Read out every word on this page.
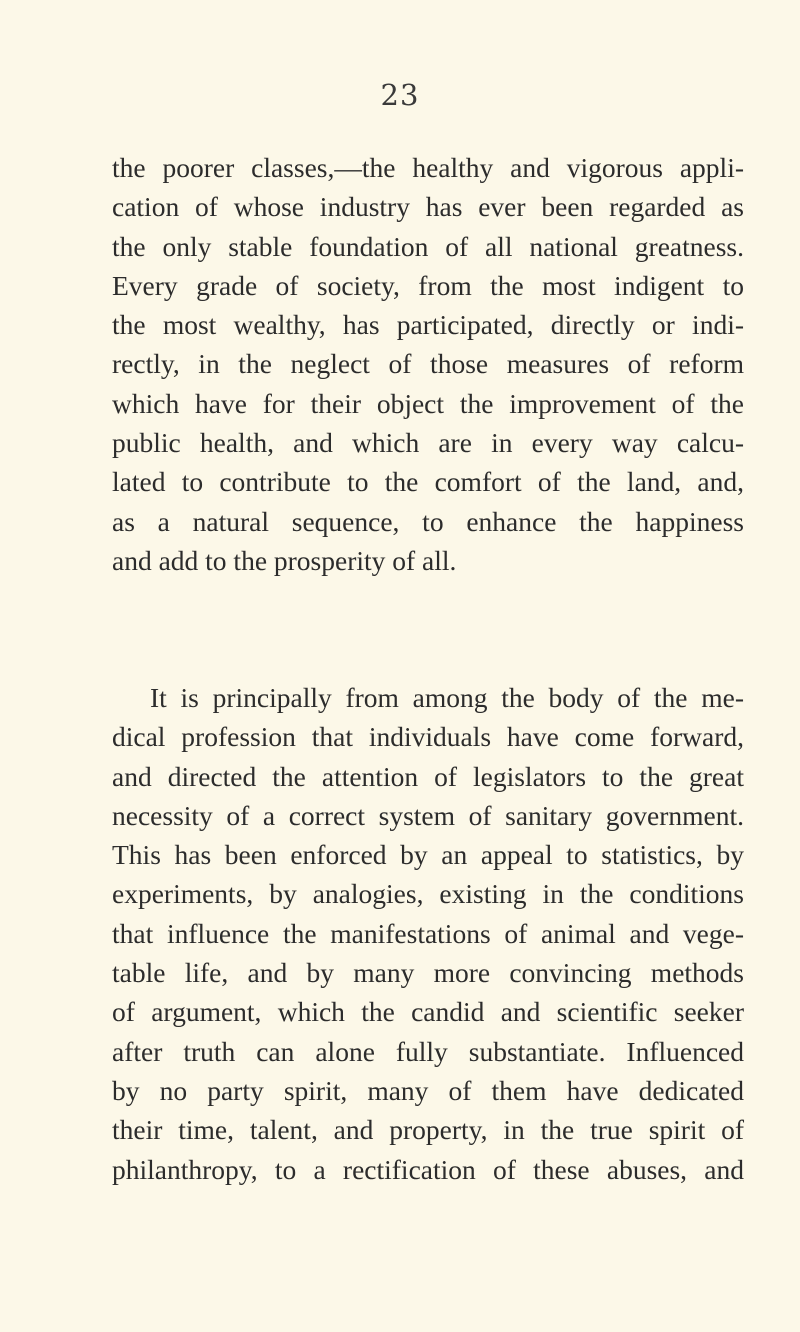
23
the poorer classes,—the healthy and vigorous appli-
cation of whose industry has ever been regarded as
the only stable foundation of all national greatness.
Every grade of society, from the most indigent to
the most wealthy, has participated, directly or indi-
rectly, in the neglect of those measures of reform
which have for their object the improvement of the
public health, and which are in every way calcu-
lated to contribute to the comfort of the land, and,
as a natural sequence, to enhance the happiness
and add to the prosperity of all.
It is principally from among the body of the me-
dical profession that individuals have come forward,
and directed the attention of legislators to the great
necessity of a correct system of sanitary government.
This has been enforced by an appeal to statistics, by
experiments, by analogies, existing in the conditions
that influence the manifestations of animal and vege-
table life, and by many more convincing methods
of argument, which the candid and scientific seeker
after truth can alone fully substantiate. Influenced
by no party spirit, many of them have dedicated
their time, talent, and property, in the true spirit of
philanthropy, to a rectification of these abuses, and
